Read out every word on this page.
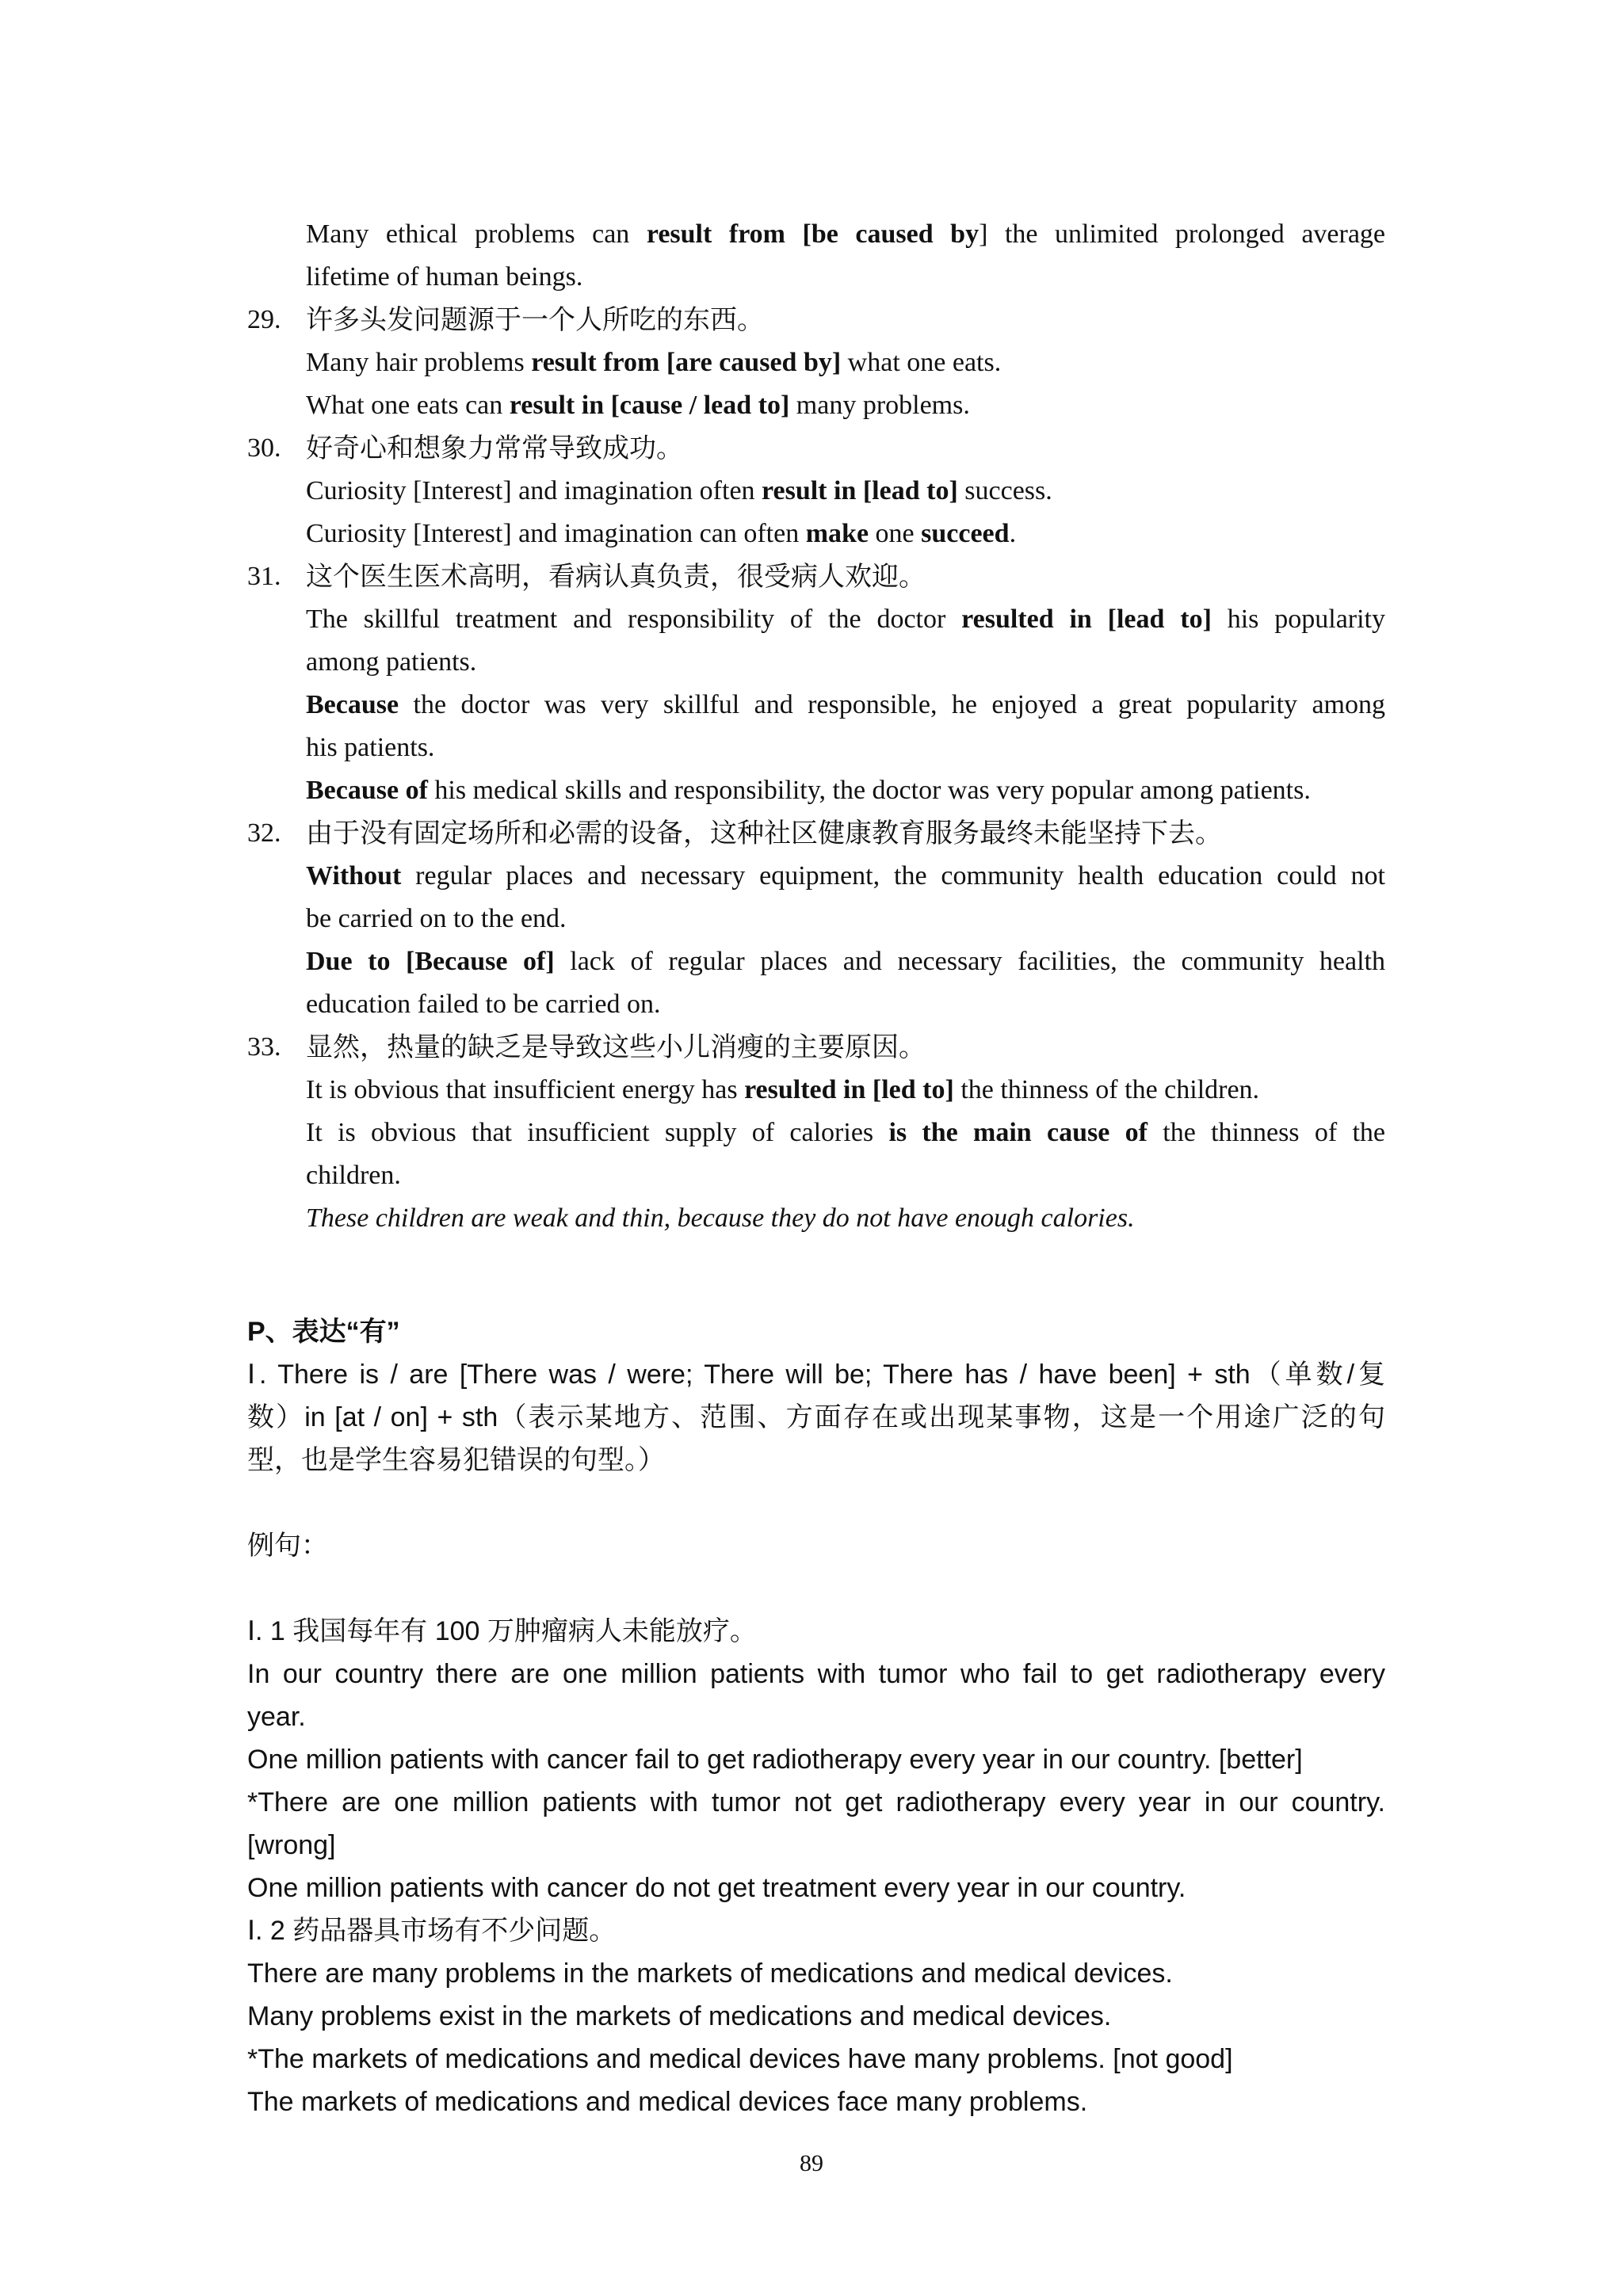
Many ethical problems can result from [be caused by] the unlimited prolonged average

lifetime of human beings.

29. 许多头发问题源于一个人所吃的东西。

Many hair problems result from [are caused by] what one eats.

What one eats can result in [cause / lead to] many problems.

30. 好奇心和想象力常常导致成功。

Curiosity [Interest] and imagination often result in [lead to] success.

Curiosity [Interest] and imagination can often make one succeed.

31. 这个医生医术高明，看病认真负责，很受病人欢迎。

The skillful treatment and responsibility of the doctor resulted in [lead to] his popularity

among patients.

Because the doctor was very skillful and responsible, he enjoyed a great popularity among

his patients.

Because of his medical skills and responsibility, the doctor was very popular among patients.

32. 由于没有固定场所和必需的设备，这种社区健康教育服务最终未能坚持下去。

Without regular places and necessary equipment, the community health education could not

be carried on to the end.

Due to [Because of] lack of regular places and necessary facilities, the community health

education failed to be carried on.

33. 显然，热量的缺乏是导致这些小儿消瘦的主要原因。

It is obvious that insufficient energy has resulted in [led to] the thinness of the children.

It is obvious that insufficient supply of calories is the main cause of the thinness of the

children.

These children are weak and thin, because they do not have enough calories.

P、表达“有”

Ⅰ. There is / are [There was / were; There will be; There has / have been] + sth（单数/复

数）in [at / on] + sth（表示某地方、范围、方面存在或出现某事物，这是一个用途广泛的句

型，也是学生容易犯错误的句型。）

例句：

Ⅰ. 1 我国每年有 100 万肿瘤病人未能放疗。

In our country there are one million patients with tumor who fail to get radiotherapy every

year.

One million patients with cancer fail to get radiotherapy every year in our country. [better]

*There are one million patients with tumor not get radiotherapy every year in our country.

[wrong]

One million patients with cancer do not get treatment every year in our country.

Ⅰ. 2 药品器具市场有不少问题。

There are many problems in the markets of medications and medical devices.

Many problems exist in the markets of medications and medical devices.

*The markets of medications and medical devices have many problems. [not good]

The markets of medications and medical devices face many problems.

89
